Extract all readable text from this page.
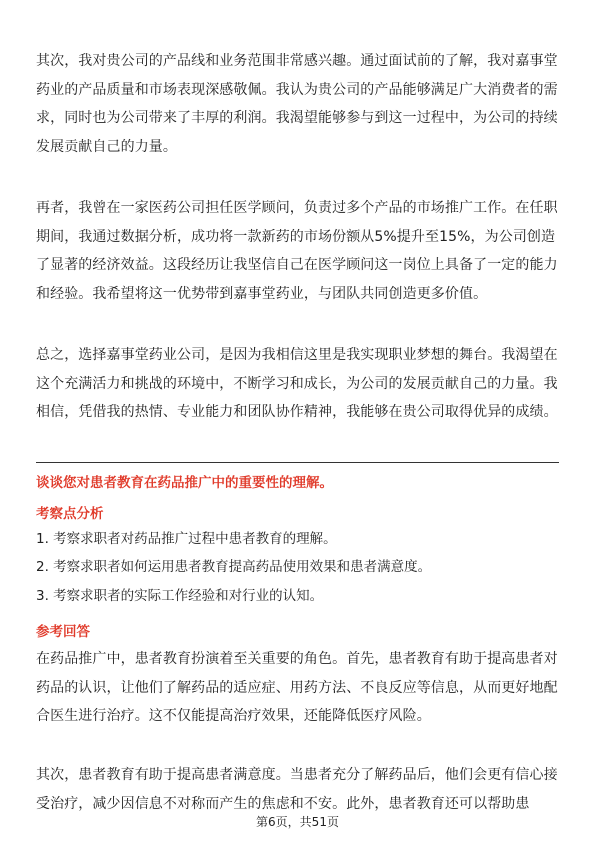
其次，我对贵公司的产品线和业务范围非常感兴趣。通过面试前的了解，我对嘉事堂药业的产品质量和市场表现深感敬佩。我认为贵公司的产品能够满足广大消费者的需求，同时也为公司带来了丰厚的利润。我渴望能够参与到这一过程中，为公司的持续发展贡献自己的力量。

再者，我曾在一家医药公司担任医学顾问，负责过多个产品的市场推广工作。在任职期间，我通过数据分析，成功将一款新药的市场份额从5%提升至15%，为公司创造了显著的经济效益。这段经历让我坚信自己在医学顾问这一岗位上具备了一定的能力和经验。我希望将这一优势带到嘉事堂药业，与团队共同创造更多价值。

总之，选择嘉事堂药业公司，是因为我相信这里是我实现职业梦想的舞台。我渴望在这个充满活力和挑战的环境中，不断学习和成长，为公司的发展贡献自己的力量。我相信，凭借我的热情、专业能力和团队协作精神，我能够在贵公司取得优异的成绩。

谈谈您对患者教育在药品推广中的重要性的理解。
考察点分析
1. 考察求职者对药品推广过程中患者教育的理解。
2. 考察求职者如何运用患者教育提高药品使用效果和患者满意度。
3. 考察求职者的实际工作经验和对行业的认知。
参考回答

在药品推广中，患者教育扮演着至关重要的角色。首先，患者教育有助于提高患者对药品的认识，让他们了解药品的适应症、用药方法、不良反应等信息，从而更好地配合医生进行治疗。这不仅能提高治疗效果，还能降低医疗风险。

其次，患者教育有助于提高患者满意度。当患者充分了解药品后，他们会更有信心接受治疗，减少因信息不对称而产生的焦虑和不安。此外，患者教育还可以帮助患

第6页，共51页
